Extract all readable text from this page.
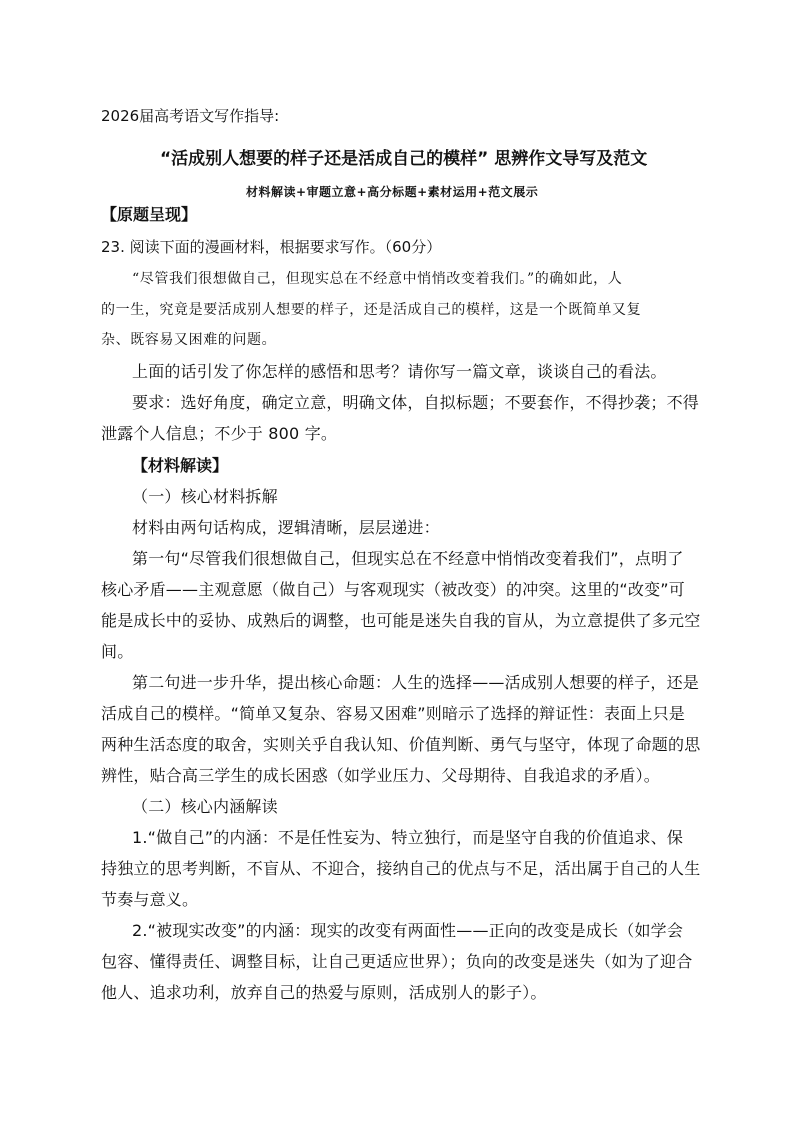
2026届高考语文写作指导:
“活成别人想要的样子还是活成自己的模样” 思辨作文导写及范文
材料解读+审题立意+高分标题+素材运用+范文展示
【原题呈现】
23. 阅读下面的漫画材料，根据要求写作。（60分）
“尽管我们很想做自己，但现实总在不经意中悄悄改变着我们。”的确如此，人
的一生，究竟是要活成别人想要的样子，还是活成自己的模样，这是一个既简单又复
杂、既容易又困难的问题。
上面的话引发了你怎样的感悟和思考？请你写一篇文章，谈谈自己的看法。
要求：选好角度，确定立意，明确文体，自拟标题；不要套作，不得抄袭；不得
泄露个人信息；不少于 800 字。
【材料解读】
（一）核心材料拆解
材料由两句话构成，逻辑清晰，层层递进：
第一句“尽管我们很想做自己，但现实总在不经意中悄悄改变着我们”，点明了
核心矛盾——主观意愿（做自己）与客观现实（被改变）的冲突。这里的“改变”可
能是成长中的妥协、成熟后的调整，也可能是迷失自我的盲从，为立意提供了多元空
间。
第二句进一步升华，提出核心命题：人生的选择——活成别人想要的样子，还是
活成自己的模样。“简单又复杂、容易又困难”则暗示了选择的辩证性：表面上只是
两种生活态度的取舍，实则关乎自我认知、价值判断、勇气与坚守，体现了命题的思
辨性，贴合高三学生的成长困惑（如学业压力、父母期待、自我追求的矛盾）。
（二）核心内涵解读
1.“做自己”的内涵：不是任性妄为、特立独行，而是坚守自我的价值追求、保
持独立的思考判断，不盲从、不迎合，接纳自己的优点与不足，活出属于自己的人生
节奏与意义。
2.“被现实改变”的内涵：现实的改变有两面性——正向的改变是成长（如学会
包容、懂得责任、调整目标，让自己更适应世界）；负向的改变是迷失（如为了迎合
他人、追求功利，放弃自己的热爱与原则，活成别人的影子）。
